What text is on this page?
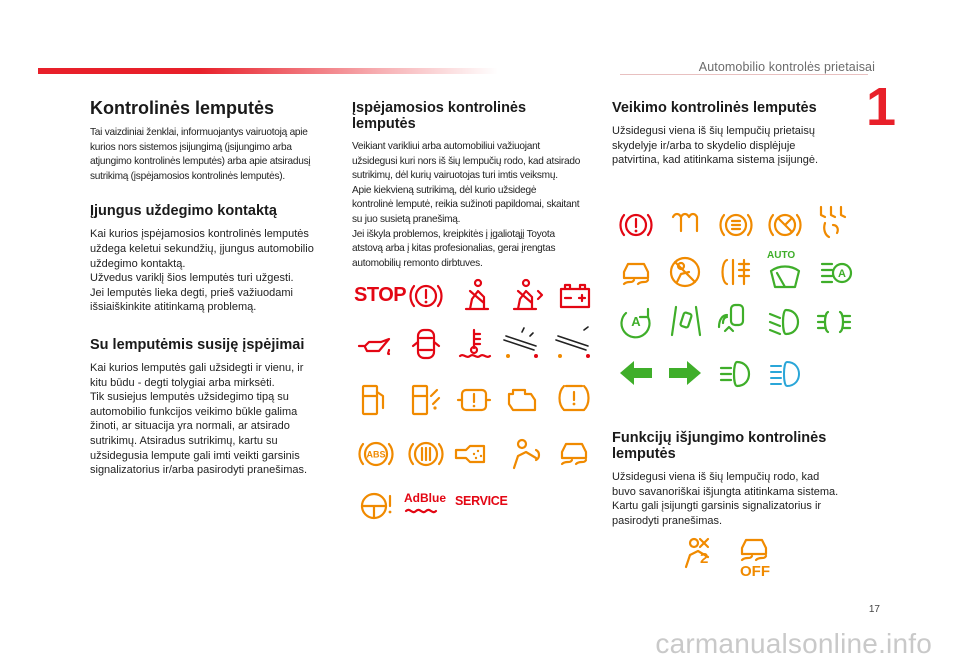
Automobilio kontrolės prietaisai
1
Kontrolinės lemputės

Tai vaizdiniai ženklai, informuojantys vairuotoją apie
kurios nors sistemos įsijungimą (įsijungimo arba
atjungimo kontrolinės lemputės) arba apie atsiradusį
sutrikimą (įspėjamosios kontrolinės lemputės).

Įjungus uždegimo kontaktą

Kai kurios įspėjamosios kontrolinės lemputės
uždega keletui sekundžių, įjungus automobilio
uždegimo kontaktą.
Užvedus variklį šios lemputės turi užgesti.
Jei lemputės lieka degti, prieš važiuodami
išsiaiškinkite atitinkamą problemą.

Su lemputėmis susiję įspėjimai

Kai kurios lemputės gali užsidegti ir vienu, ir
kitu būdu - degti tolygiai arba mirksėti.
Tik susiejus lemputės užsidegimo tipą su
automobilio funkcijos veikimo būkle galima
žinoti, ar situacija yra normali, ar atsirado
sutrikimų. Atsiradus sutrikimų, kartu su
užsidegusia lempute gali imti veikti garsinis
signalizatorius ir/arba pasirodyti pranešimas.

Įspėjamosios kontrolinės lemputės

Veikiant varikliui arba automobiliui važiuojant
užsidegusi kuri nors iš šių lempučių rodo, kad atsirado
sutrikimų, dėl kurių vairuotojas turi imtis veiksmų.
Apie kiekvieną sutrikimą, dėl kurio užsidegė
kontrolinė lemputė, reikia sužinoti papildomai, skaitant
su juo susietą pranešimą.
Jei iškyla problemos, kreipkitės į įgaliotąjį Toyota
atstovą arba į kitas profesionalias, gerai įrengtas
automobilių remonto dirbtuves.

STOP
ABS
AdBlue SERVICE
Veikimo kontrolinės lemputės

Užsidegusi viena iš šių lempučių prietaisų
skydelyje ir/arba to skydelio displėjuje
patvirtina, kad atitinkama sistema įsijungė.

AUTO
A
A
Funkcijų išjungimo kontrolinės lemputės

Užsidegusi viena iš šių lempučių rodo, kad
buvo savanoriškai išjungta atitinkama sistema.
Kartu gali įsijungti garsinis signalizatorius ir
pasirodyti pranešimas.

2
OFF
17
carmanualsonline.info
